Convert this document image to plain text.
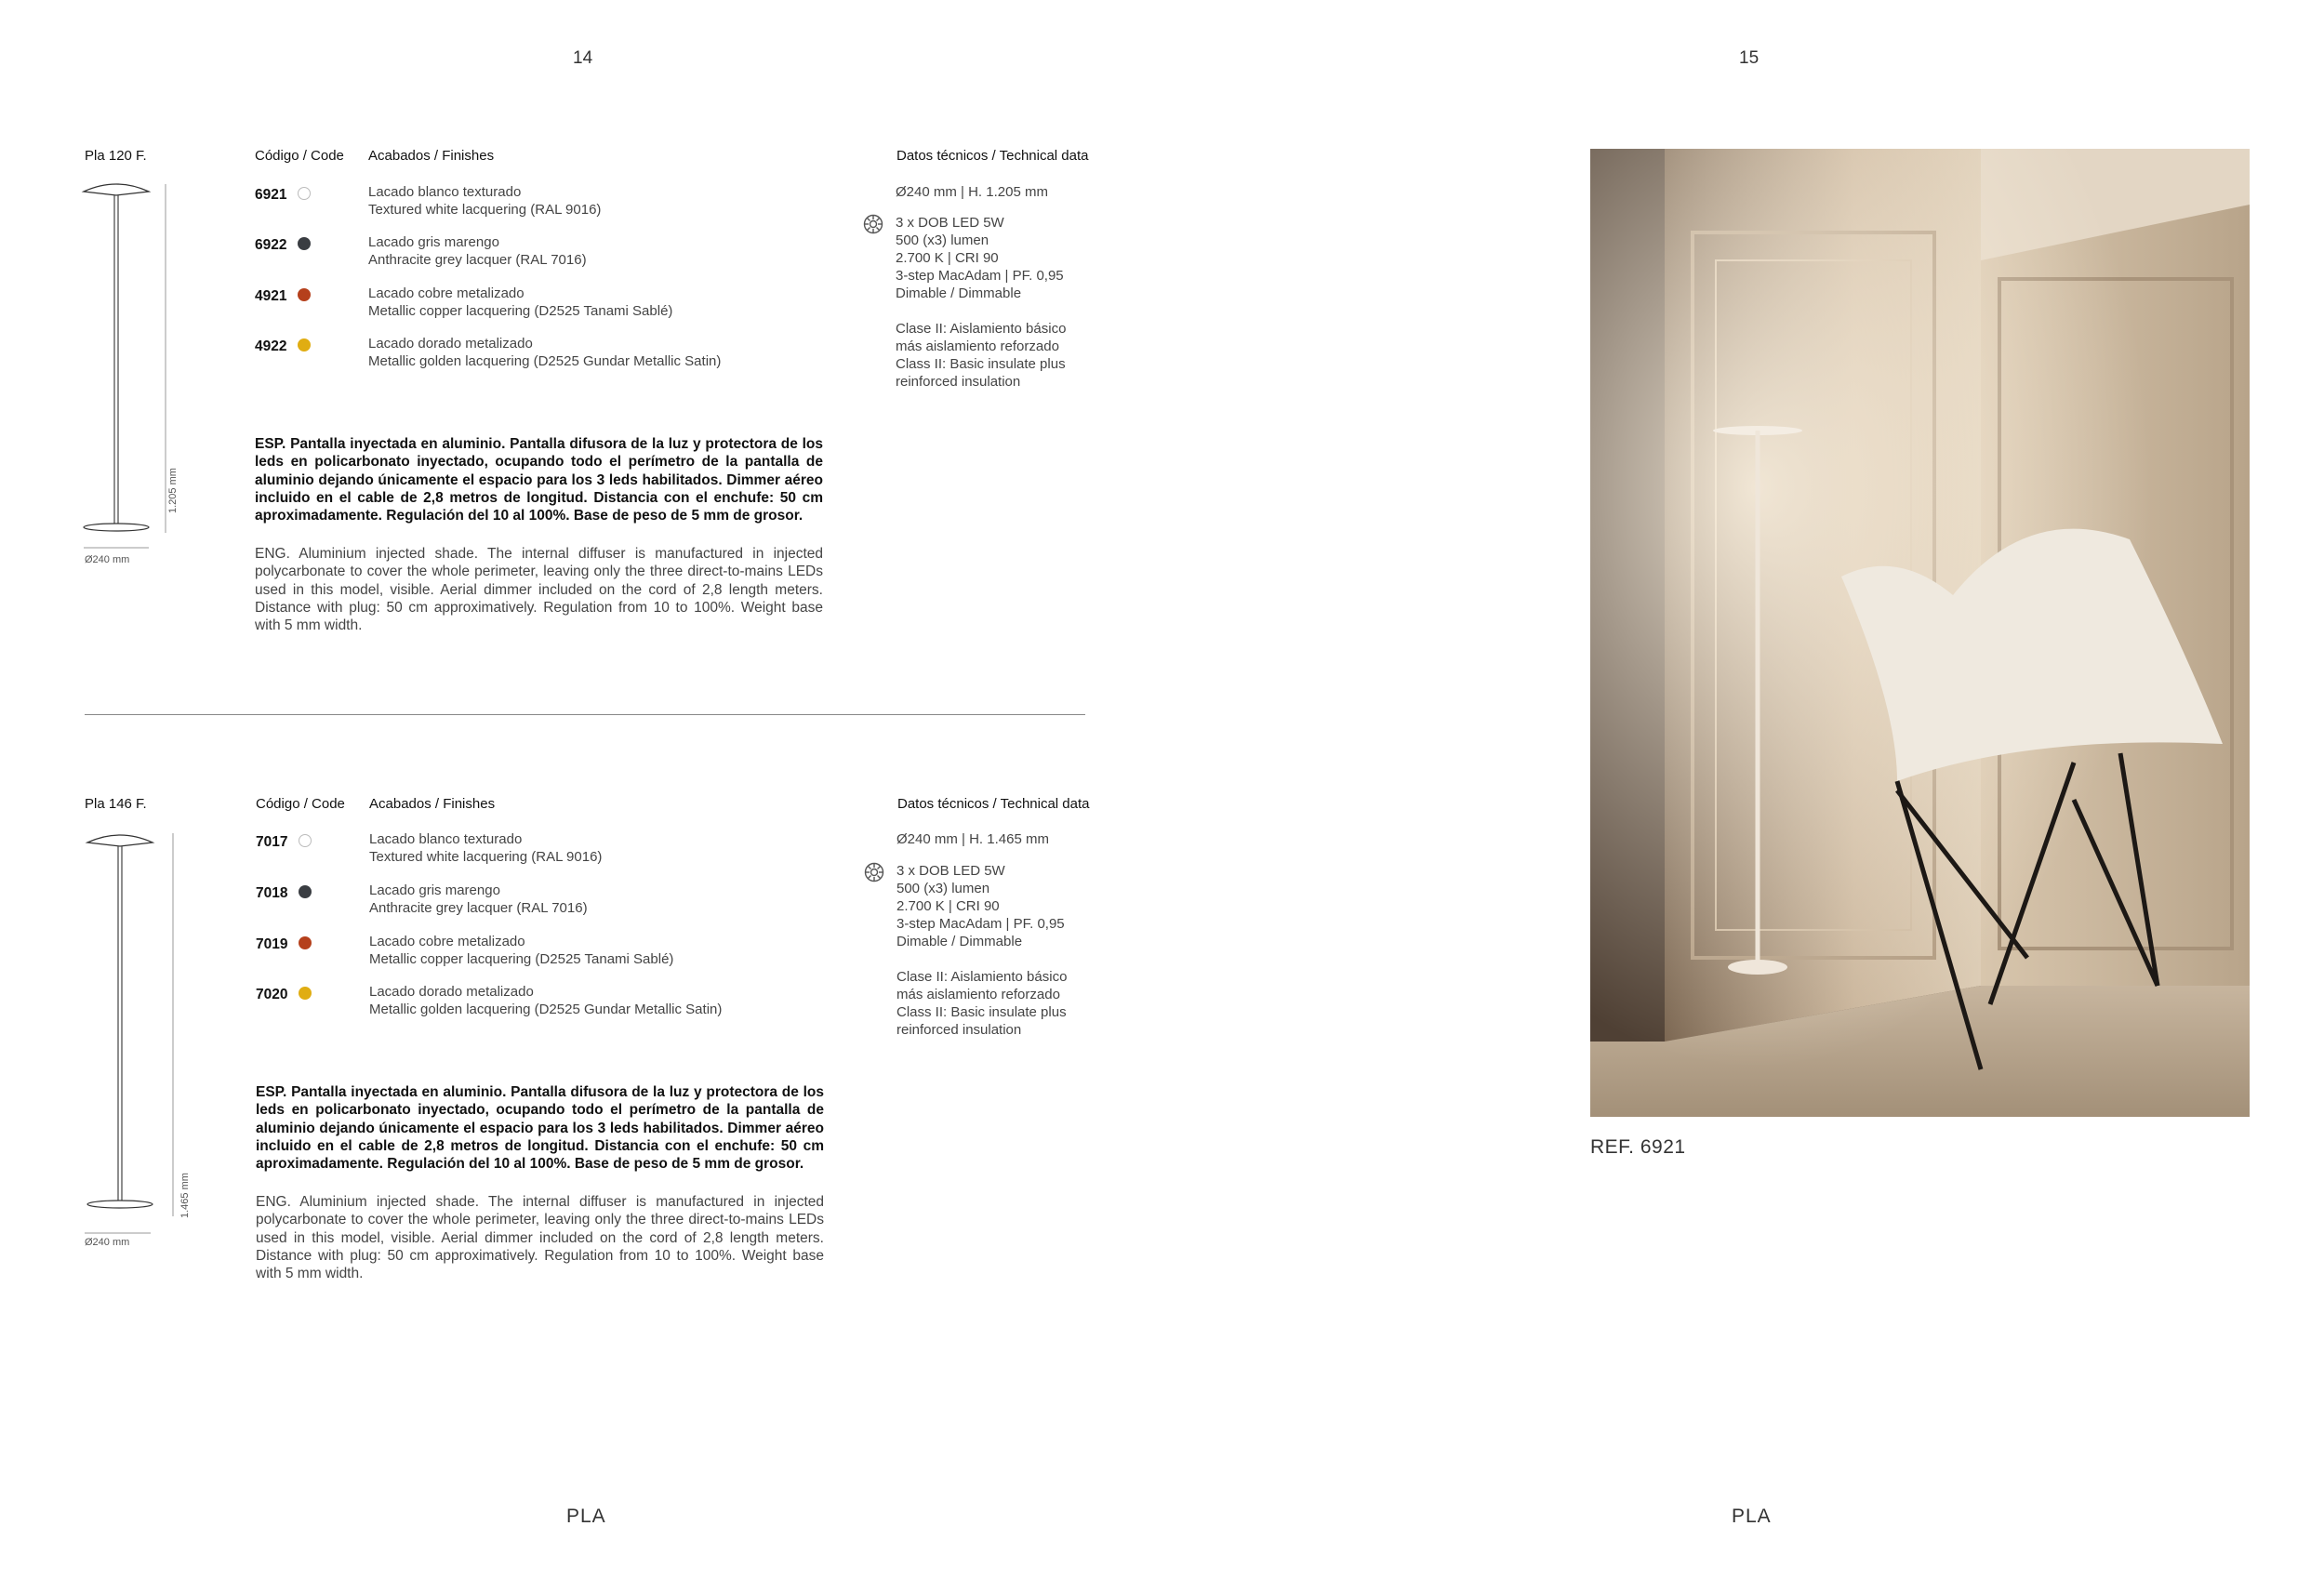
14	15
Pla 120 F.	Código / Code Acabados / Finishes	Datos técnicos / Technical data
1.205 mm
Ø240 mm
6921	Lacado blanco texturado
Textured white lacquering (RAL 9016)
6922	Lacado gris marengo
Anthracite grey lacquer (RAL 7016)
4921	Lacado cobre metalizado
Metallic copper lacquering (D2525 Tanami Sablé)
4922	Lacado dorado metalizado
Metallic golden lacquering (D2525 Gundar Metallic Satin)
Ø240 mm | H. 1.205 mm
3 x DOB LED 5W
500 (x3) lumen
2.700 K | CRI 90
3-step MacAdam | PF. 0,95
Dimable / Dimmable
Clase II: Aislamiento básico
más aislamiento reforzado
Class II: Basic insulate plus
reinforced insulation
ESP. Pantalla inyectada en aluminio. Pantalla difusora de la luz y protectora de los leds en policarbonato inyectado, ocupando todo el perímetro de la pantalla de aluminio dejando únicamente el espacio para los 3 leds habilitados. Dimmer aéreo incluido en el cable de 2,8 metros de longitud. Distancia con el enchufe: 50 cm aproximadamente. Regulación del 10 al 100%. Base de peso de 5 mm de grosor.
ENG. Aluminium injected shade. The internal diffuser is manufactured in injected polycarbonate to cover the whole perimeter, leaving only the three direct-to-mains LEDs used in this model, visible. Aerial dimmer included on the cord of 2,8 length meters. Distance with plug: 50 cm approximatively. Regulation from 10 to 100%. Weight base with 5 mm width.
Pla 146 F.	Código / Code Acabados / Finishes	Datos técnicos / Technical data
1.465 mm
Ø240 mm
7017	Lacado blanco texturado
Textured white lacquering (RAL 9016)
7018	Lacado gris marengo
Anthracite grey lacquer (RAL 7016)
7019	Lacado cobre metalizado
Metallic copper lacquering (D2525 Tanami Sablé)
7020	Lacado dorado metalizado
Metallic golden lacquering (D2525 Gundar Metallic Satin)
Ø240 mm | H. 1.465 mm
3 x DOB LED 5W
500 (x3) lumen
2.700 K | CRI 90
3-step MacAdam | PF. 0,95
Dimable / Dimmable
Clase II: Aislamiento básico
más aislamiento reforzado
Class II: Basic insulate plus
reinforced insulation
ESP. Pantalla inyectada en aluminio. Pantalla difusora de la luz y protectora de los leds en policarbonato inyectado, ocupando todo el perímetro de la pantalla de aluminio dejando únicamente el espacio para los 3 leds habilitados. Dimmer aéreo incluido en el cable de 2,8 metros de longitud. Distancia con el enchufe: 50 cm aproximadamente. Regulación del 10 al 100%. Base de peso de 5 mm de grosor.
ENG. Aluminium injected shade. The internal diffuser is manufactured in injected polycarbonate to cover the whole perimeter, leaving only the three direct-to-mains LEDs used in this model, visible. Aerial dimmer included on the cord of 2,8 length meters. Distance with plug: 50 cm approximatively. Regulation from 10 to 100%. Weight base with 5 mm width.
REF. 6921
PLA	PLA
